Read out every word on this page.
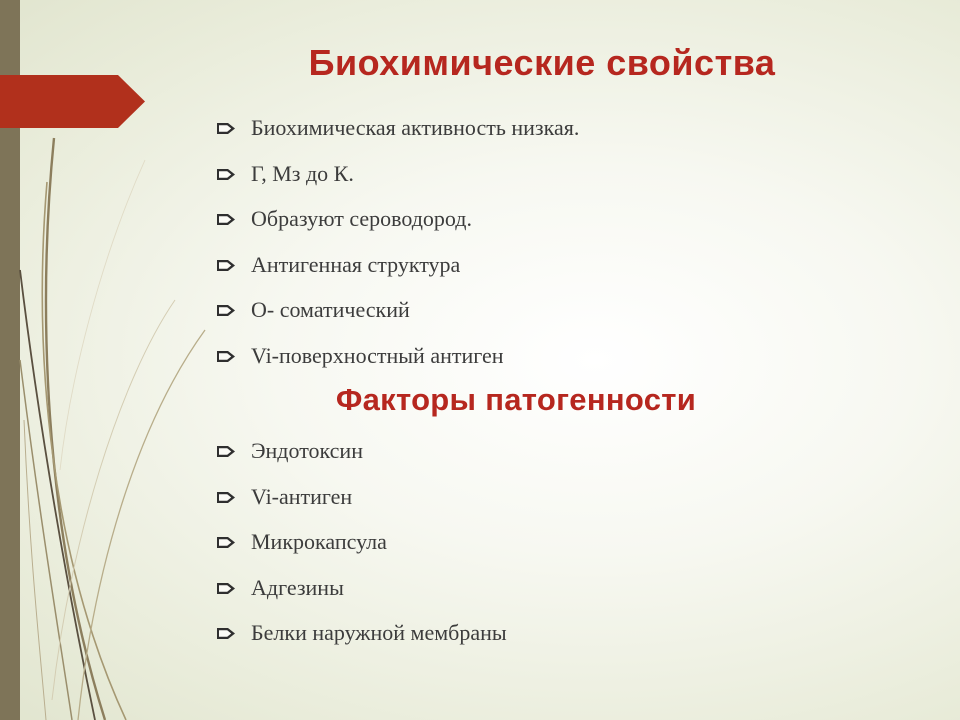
Биохимические свойства
Биохимическая активность низкая.
Г, Мз до К.
Образуют сероводород.
Антигенная структура
О- соматический
Vi-поверхностный антиген
Факторы патогенности
Эндотоксин
Vi-антиген
Микрокапсула
Адгезины
Белки наружной мембраны
